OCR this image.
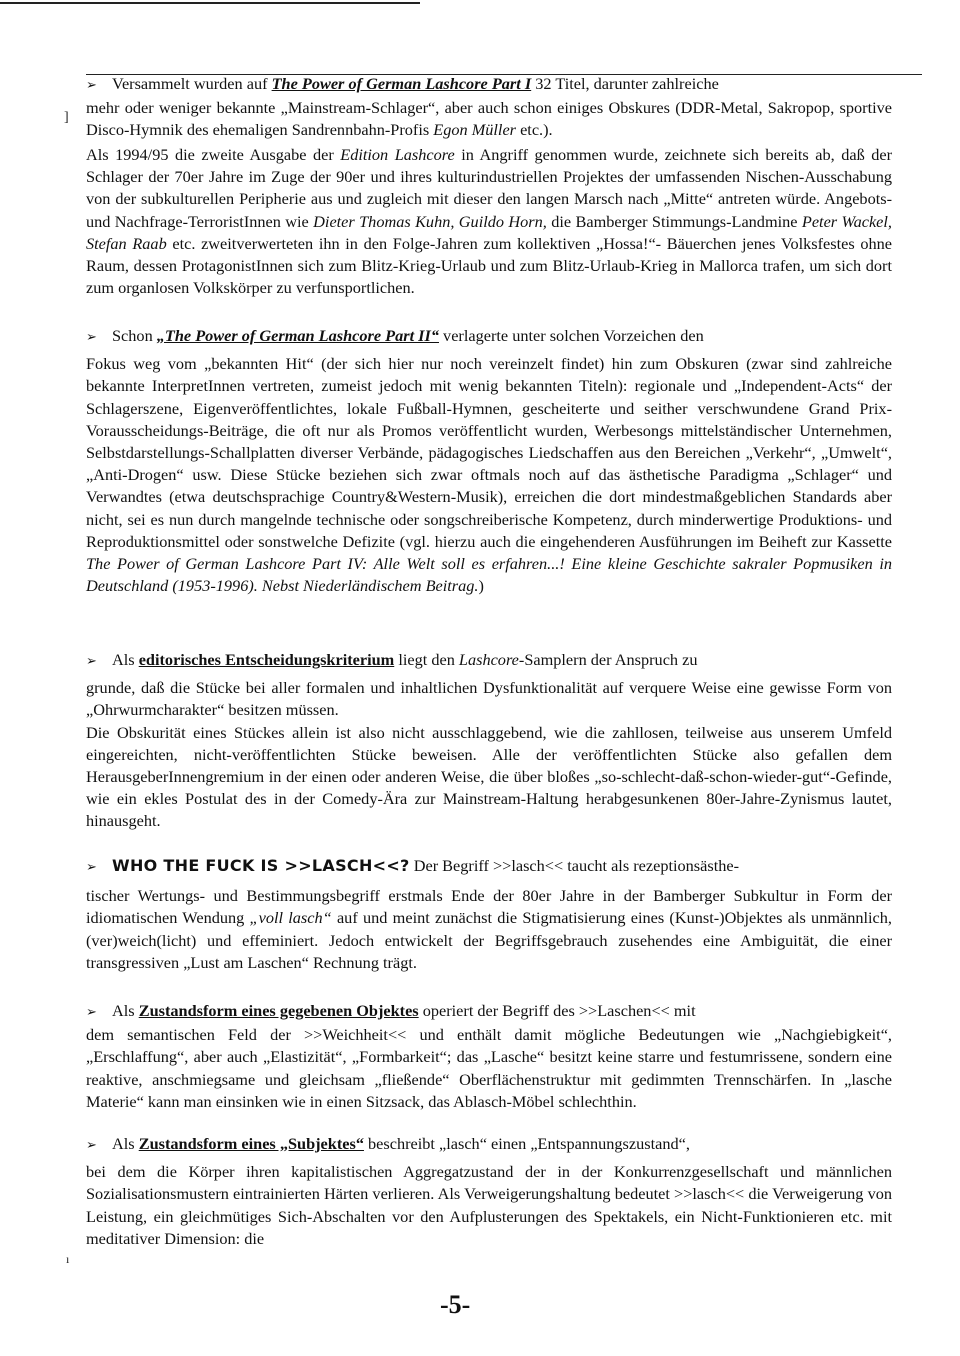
]
ı

➢ Versammelt wurden auf The Power of German Lashcore Part I 32 Titel, darunter zahlreiche

mehr oder weniger bekannte „Mainstream-Schlager“, aber auch schon einiges Obskures (DDR-Metal, Sakropop, sportive Disco-Hymnik des ehemaligen Sandrennbahn-Profis Egon Müller etc.).

Als 1994/95 die zweite Ausgabe der Edition Lashcore in Angriff genommen wurde, zeichnete sich bereits ab, daß der Schlager der 70er Jahre im Zuge der 90er und ihres kulturindustriellen Projektes der umfassenden Nischen-Ausschabung von der subkulturellen Peripherie aus und zugleich mit dieser den langen Marsch nach „Mitte“ antreten würde. Angebots- und Nachfrage-TerroristInnen wie Dieter Thomas Kuhn, Guildo Horn, die Bamberger Stimmungs-Landmine Peter Wackel, Stefan Raab etc. zweitverwerteten ihn in den Folge-Jahren zum kollektiven „Hossa!“- Bäuerchen jenes Volksfestes ohne Raum, dessen ProtagonistInnen sich zum Blitz-Krieg-Urlaub und zum Blitz-Urlaub-Krieg in Mallorca trafen, um sich dort zum organlosen Volkskörper zu verfunsportlichen.

➢ Schon „The Power of German Lashcore Part II“ verlagerte unter solchen Vorzeichen den

Fokus weg vom „bekannten Hit“ (der sich hier nur noch vereinzelt findet) hin zum Obskuren (zwar sind zahlreiche bekannte InterpretInnen vertreten, zumeist jedoch mit wenig bekannten Titeln): regionale und „Independent-Acts“ der Schlagerszene, Eigenveröffentlichtes, lokale Fußball-Hymnen, gescheiterte und seither verschwundene Grand Prix-Vorausscheidungs-Beiträge, die oft nur als Promos veröffentlicht wurden, Werbesongs mittelständischer Unternehmen, Selbstdarstellungs-Schallplatten diverser Verbände, pädagogisches Liedschaffen aus den Bereichen „Verkehr“, „Umwelt“, „Anti-Drogen“ usw. Diese Stücke beziehen sich zwar oftmals noch auf das ästhetische Paradigma „Schlager“ und Verwandtes (etwa deutschsprachige Country&Western-Musik), erreichen die dort mindestmaßgeblichen Standards aber nicht, sei es nun durch mangelnde technische oder songschreiberische Kompetenz, durch minderwertige Produktions- und Reproduktionsmittel oder sonstwelche Defizite (vgl. hierzu auch die eingehenderen Ausführungen im Beiheft zur Kassette The Power of German Lashcore Part IV: Alle Welt soll es erfahren...! Eine kleine Geschichte sakraler Popmusiken in Deutschland (1953-1996). Nebst Niederländischem Beitrag.)

➢ Als editorisches Entscheidungskriterium liegt den Lashcore-Samplern der Anspruch zu

grunde, daß die Stücke bei aller formalen und inhaltlichen Dysfunktionalität auf verquere Weise eine gewisse Form von „Ohrwurmcharakter“ besitzen müssen.

Die Obskurität eines Stückes allein ist also nicht ausschlaggebend, wie die zahllosen, teilweise aus unserem Umfeld eingereichten, nicht-veröffentlichten Stücke beweisen. Alle der veröffentlichten Stücke also gefallen dem HerausgeberInnengremium in der einen oder anderen Weise, die über bloßes „so-schlecht-daß-schon-wieder-gut“-Gefinde, wie ein ekles Postulat des in der Comedy-Ära zur Mainstream-Haltung herabgesunkenen 80er-Jahre-Zynismus lautet, hinausgeht.

➢ WHO THE FUCK IS >>LASCH<<? Der Begriff >>lasch<< taucht als rezeptionsästhe-

tischer Wertungs- und Bestimmungsbegriff erstmals Ende der 80er Jahre in der Bamberger Subkultur in Form der idiomatischen Wendung „voll lasch“ auf und meint zunächst die Stigmatisierung eines (Kunst-)Objektes als unmännlich, (ver)weich(licht) und effeminiert. Jedoch entwickelt der Begriffsgebrauch zusehendes eine Ambiguität, die einer transgressiven „Lust am Laschen“ Rechnung trägt.

➢ Als Zustandsform eines gegebenen Objektes operiert der Begriff des >>Laschen<< mit

dem semantischen Feld der >>Weichheit<< und enthält damit mögliche Bedeutungen wie „Nachgiebigkeit“, „Erschlaffung“, aber auch „Elastizität“, „Formbarkeit“; das „Lasche“ besitzt keine starre und festumrissene, sondern eine reaktive, anschmiegsame und gleichsam „fließende“ Oberflächenstruktur mit gedimmten Trennschärfen. In „lasche Materie“ kann man einsinken wie in einen Sitzsack, das Ablasch-Möbel schlechthin.

➢ Als Zustandsform eines „Subjektes“ beschreibt „lasch“ einen „Entspannungszustand“,

bei dem die Körper ihren kapitalistischen Aggregatzustand der in der Konkurrenzgesellschaft und männlichen Sozialisationsmustern eintrainierten Härten verlieren. Als Verweigerungshaltung bedeutet >>lasch<< die Verweigerung von Leistung, ein gleichmütiges Sich-Abschalten vor den Aufplusterungen des Spektakels, ein Nicht-Funktionieren etc. mit meditativer Dimension: die

-5-
